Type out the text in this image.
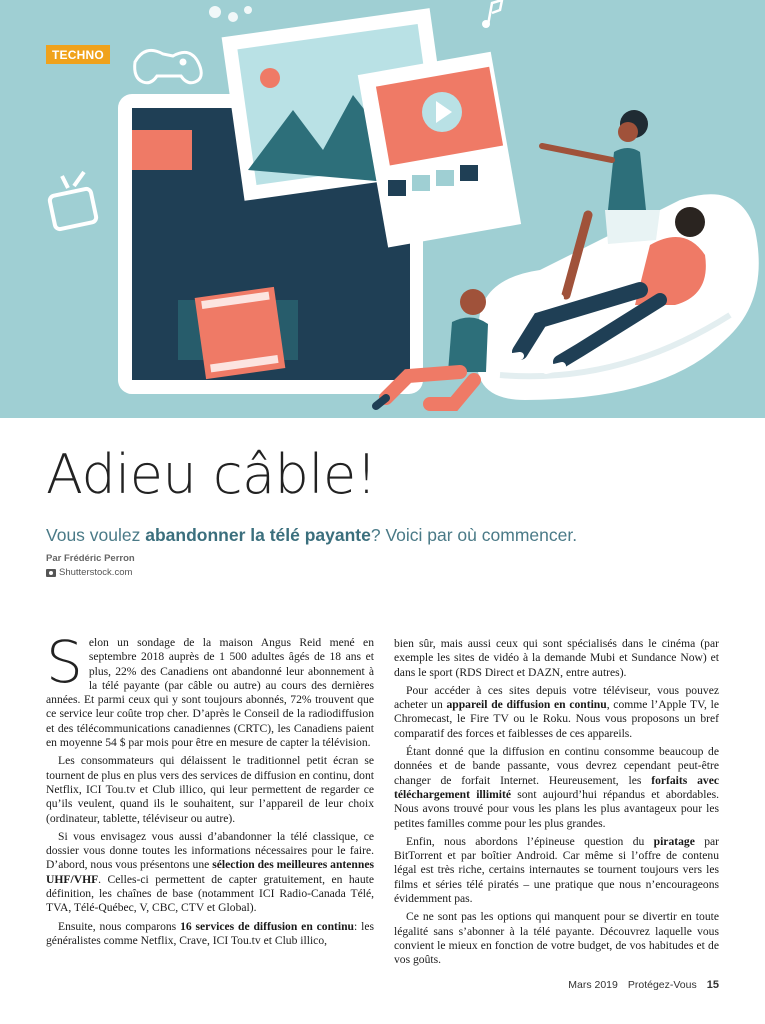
TECHNO
Adieu câble!

Vous voulez abandonner la télé payante? Voici par où commencer.

Par Frédéric Perron
Shutterstock.com

Selon un sondage de la maison Angus Reid mené en septembre 2018 auprès de 1 500 adultes âgés de 18 ans et plus, 22% des Canadiens ont abandonné leur abonnement à la télé payante (par câble ou autre) au cours des dernières années. Et parmi ceux qui y sont toujours abonnés, 72% trouvent que ce service leur coûte trop cher. D’après le Conseil de la radiodiffusion et des télécommunications canadiennes (CRTC), les Canadiens paient en moyenne 54 $ par mois pour être en mesure de capter la télévision.

Les consommateurs qui délaissent le traditionnel petit écran se tournent de plus en plus vers des services de diffusion en continu, dont Netflix, ICI Tou.tv et Club illico, qui leur permettent de regarder ce qu’ils veulent, quand ils le souhaitent, sur l’appareil de leur choix (ordinateur, tablette, téléviseur ou autre).

Si vous envisagez vous aussi d’abandonner la télé classique, ce dossier vous donne toutes les informations nécessaires pour le faire. D’abord, nous vous présentons une sélection des meilleures antennes UHF/VHF. Celles-ci permettent de capter gratuitement, en haute définition, les chaînes de base (notamment ICI Radio-Canada Télé, TVA, Télé-Québec, V, CBC, CTV et Global).

Ensuite, nous comparons 16 services de diffusion en continu: les généralistes comme Netflix, Crave, ICI Tou.tv et Club illico,

bien sûr, mais aussi ceux qui sont spécialisés dans le cinéma (par exemple les sites de vidéo à la demande Mubi et Sundance Now) et dans le sport (RDS Direct et DAZN, entre autres).

Pour accéder à ces sites depuis votre téléviseur, vous pouvez acheter un appareil de diffusion en continu, comme l’Apple TV, le Chromecast, le Fire TV ou le Roku. Nous vous proposons un bref comparatif des forces et faiblesses de ces appareils.

Étant donné que la diffusion en continu consomme beaucoup de données et de bande passante, vous devrez cependant peut-être changer de forfait Internet. Heureusement, les forfaits avec téléchargement illimité sont aujourd’hui répandus et abordables. Nous avons trouvé pour vous les plans les plus avantageux pour les petites familles comme pour les plus grandes.

Enfin, nous abordons l’épineuse question du piratage par BitTorrent et par boîtier Android. Car même si l’offre de contenu légal est très riche, certains internautes se tournent toujours vers les films et séries télé piratés – une pratique que nous n’encourageons évidemment pas.

Ce ne sont pas les options qui manquent pour se divertir en toute légalité sans s’abonner à la télé payante. Découvrez laquelle vous convient le mieux en fonction de votre budget, de vos habitudes et de vos goûts.

Mars 2019 Protégez-Vous 15
